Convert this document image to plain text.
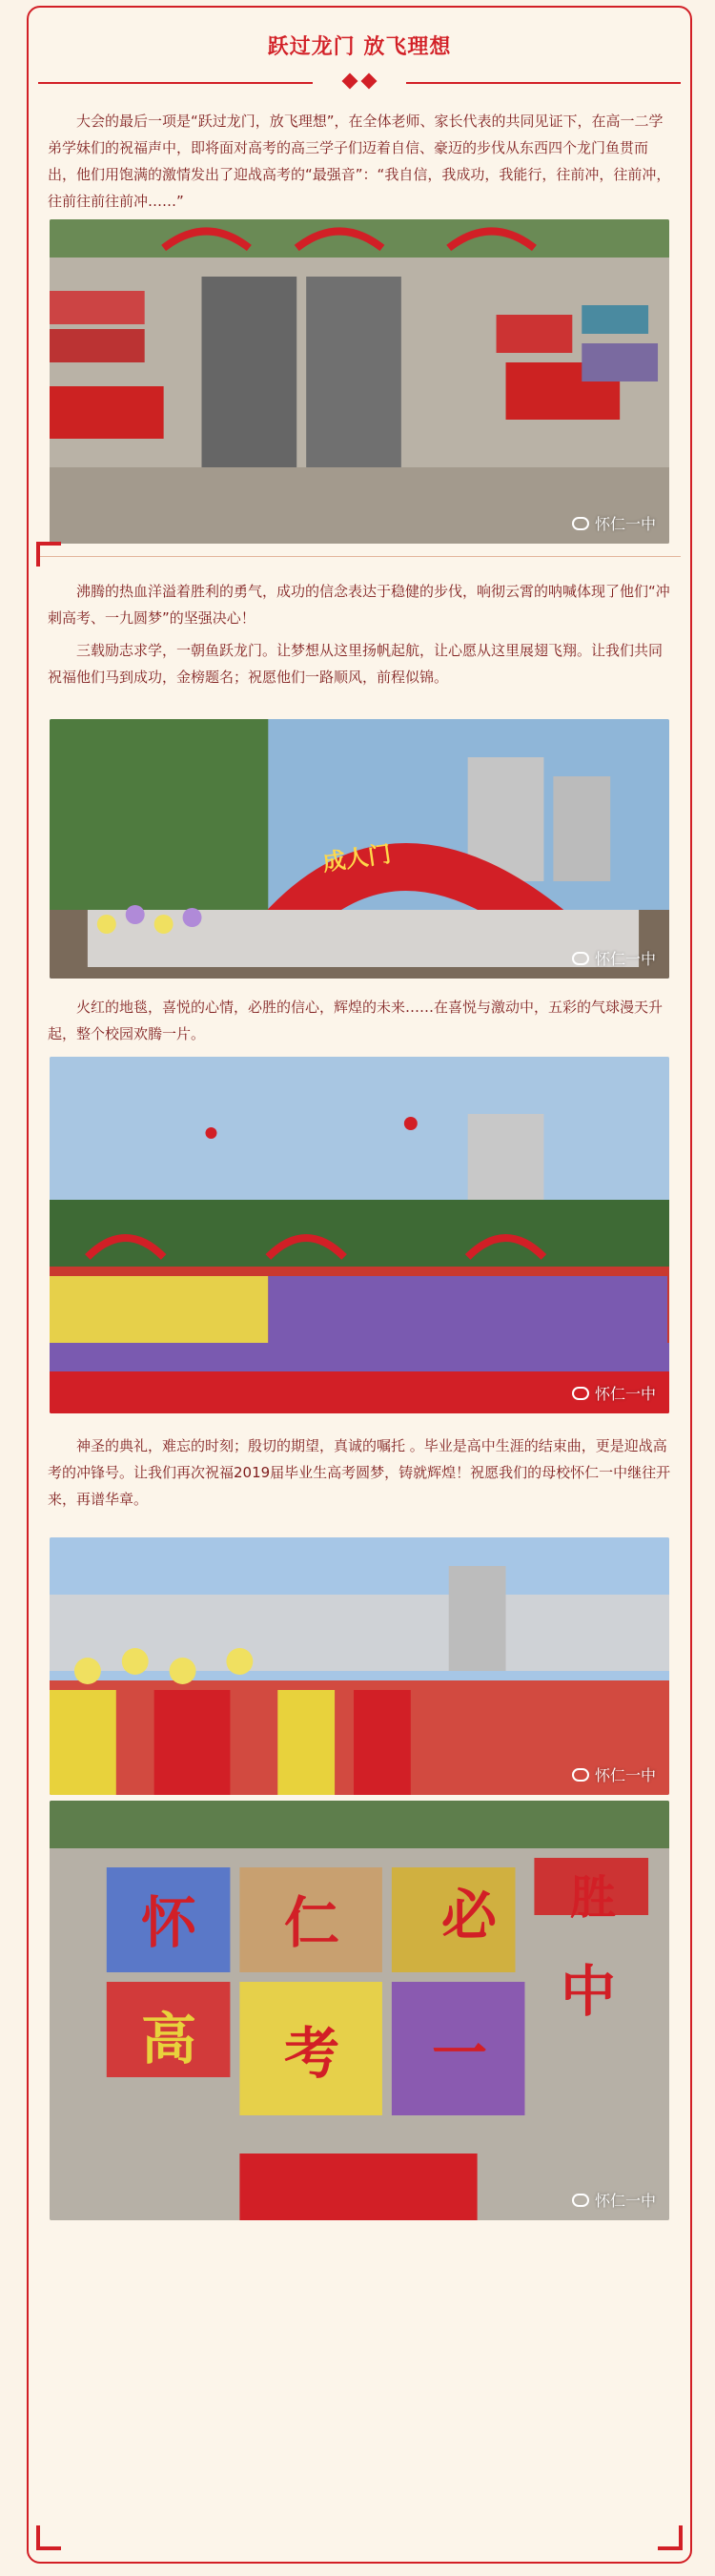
跃过龙门 放飞理想
大会的最后一项是“跃过龙门，放飞理想”，在全体老师、家长代表的共同见证下，在高一二学弟学妹们的祝福声中，即将面对高考的高三学子们迈着自信、豪迈的步伐从东西四个龙门鱼贯而出，他们用饱满的激情发出了迎战高考的“最强音”：“我自信，我成功，我能行，往前冲，往前冲，往前往前往前冲……”
怀仁一中
沸腾的热血洋溢着胜利的勇气，成功的信念表达于稳健的步伐，响彻云霄的呐喊体现了他们“冲刺高考、一九圆梦”的坚强决心！
三载励志求学，一朝鱼跃龙门。让梦想从这里扬帆起航，让心愿从这里展翅飞翔。让我们共同祝福他们马到成功，金榜题名；祝愿他们一路顺风，前程似锦。
成人门
怀仁一中
火红的地毯，喜悦的心情，必胜的信心，辉煌的未来……在喜悦与激动中，五彩的气球漫天升起，整个校园欢腾一片。
怀仁一中
神圣的典礼，难忘的时刻；殷切的期望，真诚的嘱托 。毕业是高中生涯的结束曲，更是迎战高考的冲锋号。让我们再次祝福2019届毕业生高考圆梦，铸就辉煌！祝愿我们的母校怀仁一中继往开来，再谱华章。
怀仁一中
怀	仁	必	胜
高	考	一
中
怀仁一中
